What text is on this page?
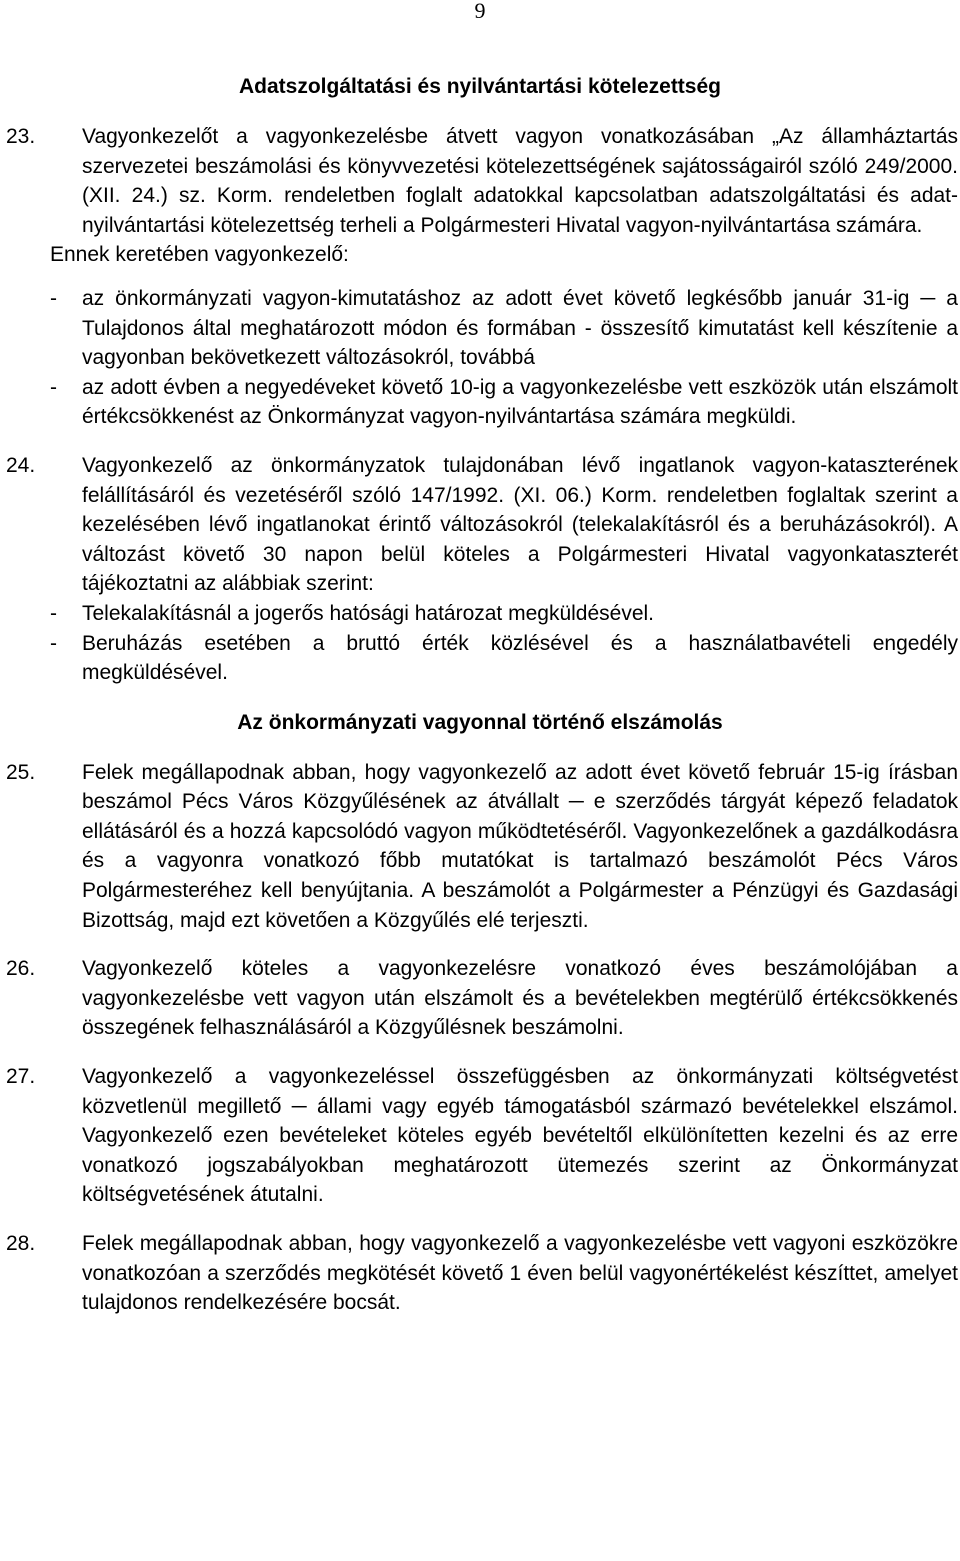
9
Adatszolgáltatási és nyilvántartási kötelezettség
23.	Vagyonkezelőt a vagyonkezelésbe átvett vagyon vonatkozásában „Az államháztartás szervezetei beszámolási és könyvvezetési kötelezettségének sajátosságairól szóló 249/2000. (XII. 24.) sz. Korm. rendeletben foglalt adatokkal kapcsolatban adatszolgáltatási és adat-nyilvántartási kötelezettség terheli a Polgármesteri Hivatal vagyon-nyilvántartása számára.
Ennek keretében vagyonkezelő:
- az önkormányzati vagyon-kimutatáshoz az adott évet követő legkésőbb január 31-ig ─ a Tulajdonos által meghatározott módon és formában - összesítő kimutatást kell készítenie a vagyonban bekövetkezett változásokról, továbbá
- az adott évben a negyedéveket követő 10-ig a vagyonkezelésbe vett eszközök után elszámolt értékcsökkenést az Önkormányzat vagyon-nyilvántartása számára megküldi.
24.	Vagyonkezelő az önkormányzatok tulajdonában lévő ingatlanok vagyon-kataszterének felállításáról és vezetéséről szóló 147/1992. (XI. 06.) Korm. rendeletben foglaltak szerint a kezelésében lévő ingatlanokat érintő változásokról (telekalakításról és a beruházásokról). A változást követő 30 napon belül köteles a Polgármesteri Hivatal vagyonkataszterét tájékoztatni az alábbiak szerint:
- Telekalakításnál a jogerős hatósági határozat megküldésével.
- Beruházás esetében a bruttó érték közlésével és a használatbavételi engedély megküldésével.
Az önkormányzati vagyonnal történő elszámolás
25.	Felek megállapodnak abban, hogy vagyonkezelő az adott évet követő február 15-ig írásban beszámol Pécs Város Közgyűlésének az átvállalt ─ e szerződés tárgyát képező feladatok ellátásáról és a hozzá kapcsolódó vagyon működtetéséről. Vagyonkezelőnek a gazdálkodásra és a vagyonra vonatkozó főbb mutatókat is tartalmazó beszámolót Pécs Város Polgármesteréhez kell benyújtania. A beszámolót a Polgármester a Pénzügyi és Gazdasági Bizottság, majd ezt követően a Közgyűlés elé terjeszti.
26.	Vagyonkezelő köteles a vagyonkezelésre vonatkozó éves beszámolójában a vagyonkezelésbe vett vagyon után elszámolt és a bevételekben megtérülő értékcsökkenés összegének felhasználásáról a Közgyűlésnek beszámolni.
27.	Vagyonkezelő a vagyonkezeléssel összefüggésben az önkormányzati költségvetést közvetlenül megillető ─ állami vagy egyéb támogatásból származó bevételekkel elszámol. Vagyonkezelő ezen bevételeket köteles egyéb bevételtől elkülönítetten kezelni és az erre vonatkozó jogszabályokban meghatározott ütemezés szerint az Önkormányzat költségvetésének átutalni.
28.	Felek megállapodnak abban, hogy vagyonkezelő a vagyonkezelésbe vett vagyoni eszközökre vonatkozóan a szerződés megkötését követő 1 éven belül vagyonértékelést készíttet, amelyet tulajdonos rendelkezésére bocsát.
